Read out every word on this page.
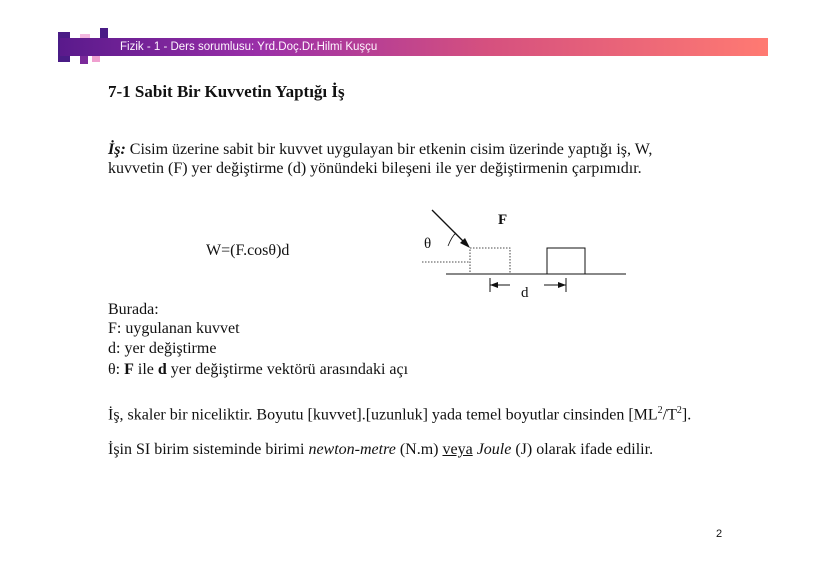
Fizik - 1 - Ders sorumlusu: Yrd.Doç.Dr.Hilmi Kuşçu
7-1 Sabit Bir Kuvvetin Yaptığı İş
İş: Cisim üzerine sabit bir kuvvet uygulayan bir etkenin cisim üzerinde yaptığı iş, W,
kuvvetin (F) yer değiştirme (d) yönündeki bileşeni ile yer değiştirmenin çarpımıdır.
W=(F.cosθ)d
F
θ
d
Burada:
F: uygulanan kuvvet
d: yer değiştirme
θ: F ile d yer değiştirme vektörü arasındaki açı
İş, skaler bir niceliktir. Boyutu [kuvvet].[uzunluk] yada temel boyutlar cinsinden $[ML^2/T^2]$.
İşin SI birim sisteminde birimi newton-metre (N.m) veya Joule (J) olarak ifade edilir.
2
